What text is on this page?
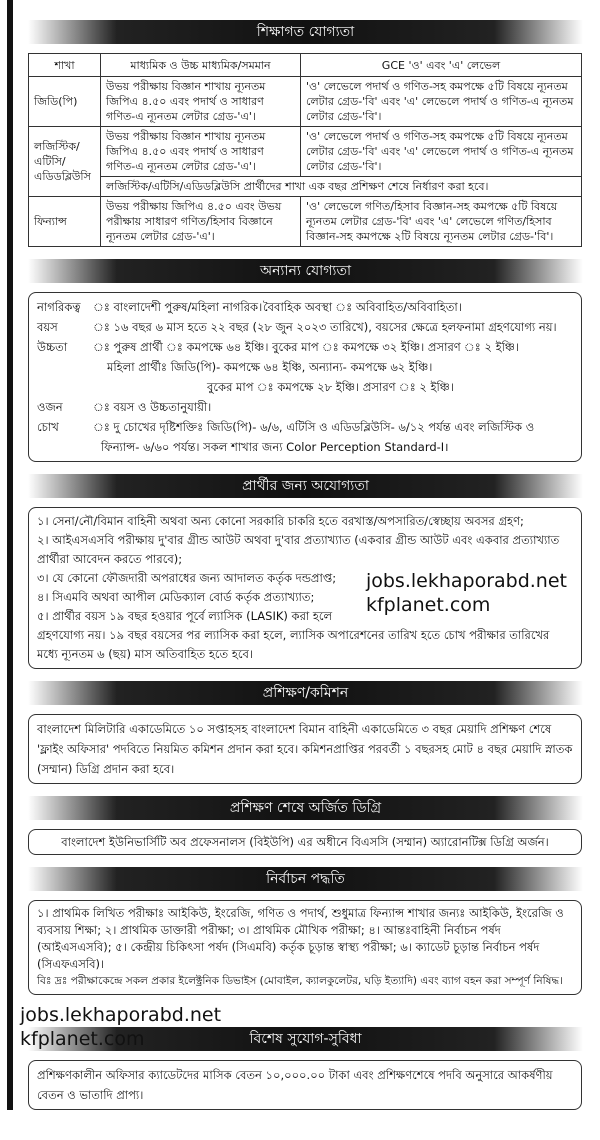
শিক্ষাগত যোগ্যতা
শাখা	মাধ্যমিক ও উচ্চ মাধ্যমিক/সমমান	GCE 'ও' এবং 'এ' লেভেল
জিডি(পি)	উভয় পরীক্ষায় বিজ্ঞান শাখায় ন্যূনতম জিপিএ ৪.৫০ এবং পদার্থ ও সাধারণ গণিত-এ ন্যূনতম লেটার গ্রেড-'এ'।	'ও' লেভেলে পদার্থ ও গণিত-সহ কমপক্ষে ৫টি বিষয়ে ন্যূনতম লেটার গ্রেড-'বি' এবং 'এ' লেভেলে পদার্থ ও গণিত-এ ন্যূনতম লেটার গ্রেড-'বি'।
লজিস্টিক/এটিসি/ এডিডব্লিউসি	উভয় পরীক্ষায় বিজ্ঞান শাখায় ন্যূনতম জিপিএ ৪.৫০ এবং পদার্থ ও সাধারণ গণিত-এ ন্যূনতম লেটার গ্রেড-'এ'।	'ও' লেভেলে পদার্থ ও গণিত-সহ কমপক্ষে ৫টি বিষয়ে ন্যূনতম লেটার গ্রেড-'বি' এবং 'এ' লেভেলে পদার্থ ও গণিত-এ ন্যূনতম লেটার গ্রেড-'বি'।
	লজিস্টিক/এটিসি/এডিডব্লিউসি প্রার্থীদের শাখা এক বছর প্রশিক্ষণ শেষে নির্ধারণ করা হবে।	
ফিন্যান্স	উভয় পরীক্ষায় জিপিএ ৪.৫০ এবং উভয় পরীক্ষায় সাধারণ গণিত/হিসাব বিজ্ঞানে ন্যূনতম লেটার গ্রেড-'এ'।	'ও' লেভেলে গণিত/হিসাব বিজ্ঞান-সহ কমপক্ষে ৫টি বিষয়ে ন্যূনতম লেটার গ্রেড-'বি' এবং 'এ' লেভেলে গণিত/হিসাব বিজ্ঞান-সহ কমপক্ষে ২টি বিষয়ে ন্যূনতম লেটার গ্রেড-'বি'।
অন্যান্য যোগ্যতা
নাগরিকত্ব	ঃ বাংলাদেশী পুরুষ/মহিলা নাগরিক। বৈবাহিক অবস্থা ঃ অবিবাহিত/অবিবাহিতা।
বয়স	ঃ ১৬ বছর ৬ মাস হতে ২২ বছর (২৮ জুন ২০২৩ তারিখে), বয়সের ক্ষেত্রে হলফনামা গ্রহণযোগ্য নয়।
উচ্চতা	ঃ পুরুষ প্রার্থী ঃ কমপক্ষে ৬৪ ইঞ্চি। বুকের মাপ ঃ কমপক্ষে ৩২ ইঞ্চি। প্রসারণ ঃ ২ ইঞ্চি।
মহিলা প্রার্থীঃ জিডি(পি)- কমপক্ষে ৬৪ ইঞ্চি, অন্যান্য- কমপক্ষে ৬২ ইঞ্চি।
বুকের মাপ ঃ কমপক্ষে ২৮ ইঞ্চি। প্রসারণ ঃ ২ ইঞ্চি।
ওজন	ঃ বয়স ও উচ্চতানুযায়ী।
চোখ	ঃ দু চোখের দৃষ্টিশক্তিঃ জিডি(পি)- ৬/৬, এটিসি ও এডিডব্লিউসি- ৬/১২ পর্যন্ত এবং লজিস্টিক ও
ফিন্যান্স- ৬/৬০ পর্যন্ত। সকল শাখার জন্য Color Perception Standard-I।
প্রার্থীর জন্য অযোগ্যতা
১। সেনা/নৌ/বিমান বাহিনী অথবা অন্য কোনো সরকারি চাকরি হতে বরখাস্ত/অপসারিত/স্বেচ্ছায় অবসর গ্রহণ;
২। আইএসএসবি পরীক্ষায় দু'বার গ্রীন্ড আউট অথবা দু'বার প্রত্যাখ্যাত (একবার গ্রীন্ড আউট এবং একবার প্রত্যাখ্যাত প্রার্থীরা আবেদন করতে পারবে);
jobs.lekhaporabd.net
kfplanet.com
৩। যে কোনো ফৌজদারী অপরাধের জন্য আদালত কর্তৃক দন্ডপ্রাপ্ত;
৪। সিএমবি অথবা আপীল মেডিক্যাল বোর্ড কর্তৃক প্রত্যাখ্যাত;
৫। প্রার্থীর বয়স ১৯ বছর হওয়ার পূর্বে ল্যাসিক (LASIK) করা হলে গ্রহণযোগ্য নয়। ১৯ বছর বয়সের পর ল্যাসিক করা হলে, ল্যাসিক অপারেশনের তারিখ হতে চোখ পরীক্ষার তারিখের মধ্যে ন্যূনতম ৬ (ছয়) মাস অতিবাহিত হতে হবে।
প্রশিক্ষণ/কমিশন
বাংলাদেশ মিলিটারি একাডেমিতে ১০ সপ্তাহসহ বাংলাদেশ বিমান বাহিনী একাডেমিতে ৩ বছর মেয়াদি প্রশিক্ষণ শেষে 'ফ্লাইং অফিসার' পদবিতে নিয়মিত কমিশন প্রদান করা হবে। কমিশনপ্রাপ্তির পরবর্তী ১ বছরসহ মোট ৪ বছর মেয়াদি স্নাতক (সম্মান) ডিগ্রি প্রদান করা হবে।
প্রশিক্ষণ শেষে অর্জিত ডিগ্রি
বাংলাদেশ ইউনিভার্সিটি অব প্রফেসনালস (বিইউপি) এর অধীনে বিএসসি (সম্মান) অ্যারোনটিক্স ডিগ্রি অর্জন।
নির্বাচন পদ্ধতি
১। প্রাথমিক লিখিত পরীক্ষাঃ আইকিউ, ইংরেজি, গণিত ও পদার্থ, শুধুমাত্র ফিন্যান্স শাখার জন্যঃ আইকিউ, ইংরেজি ও ব্যবসায় শিক্ষা; ২। প্রাথমিক ডাক্তারী পরীক্ষা; ৩। প্রাথমিক মৌখিক পরীক্ষা; ৪। আন্তঃবাহিনী নির্বাচন পর্ষদ (আইএসএসবি); ৫। কেন্দ্রীয় চিকিৎসা পর্ষদ (সিএমবি) কর্তৃক চূড়ান্ত স্বাস্থ্য পরীক্ষা; ৬। ক্যাডেট চূড়ান্ত নির্বাচন পর্ষদ (সিএফএসবি)।
বিঃ দ্রঃ পরীক্ষাকেন্দ্রে সকল প্রকার ইলেক্ট্রনিক ডিভাইস (মোবাইল, ক্যালকুলেটর, ঘড়ি ইত্যাদি) এবং ব্যাগ বহন করা সম্পূর্ণ নিষিদ্ধ।
jobs.lekhaporabd.net
kfplanet.com	বিশেষ সুযোগ-সুবিধা
প্রশিক্ষণকালীন অফিসার ক্যাডেটদের মাসিক বেতন ১০,০০০.০০ টাকা এবং প্রশিক্ষণশেষে পদবি অনুসারে আকর্ষণীয় বেতন ও ভাতাদি প্রাপ্য।
